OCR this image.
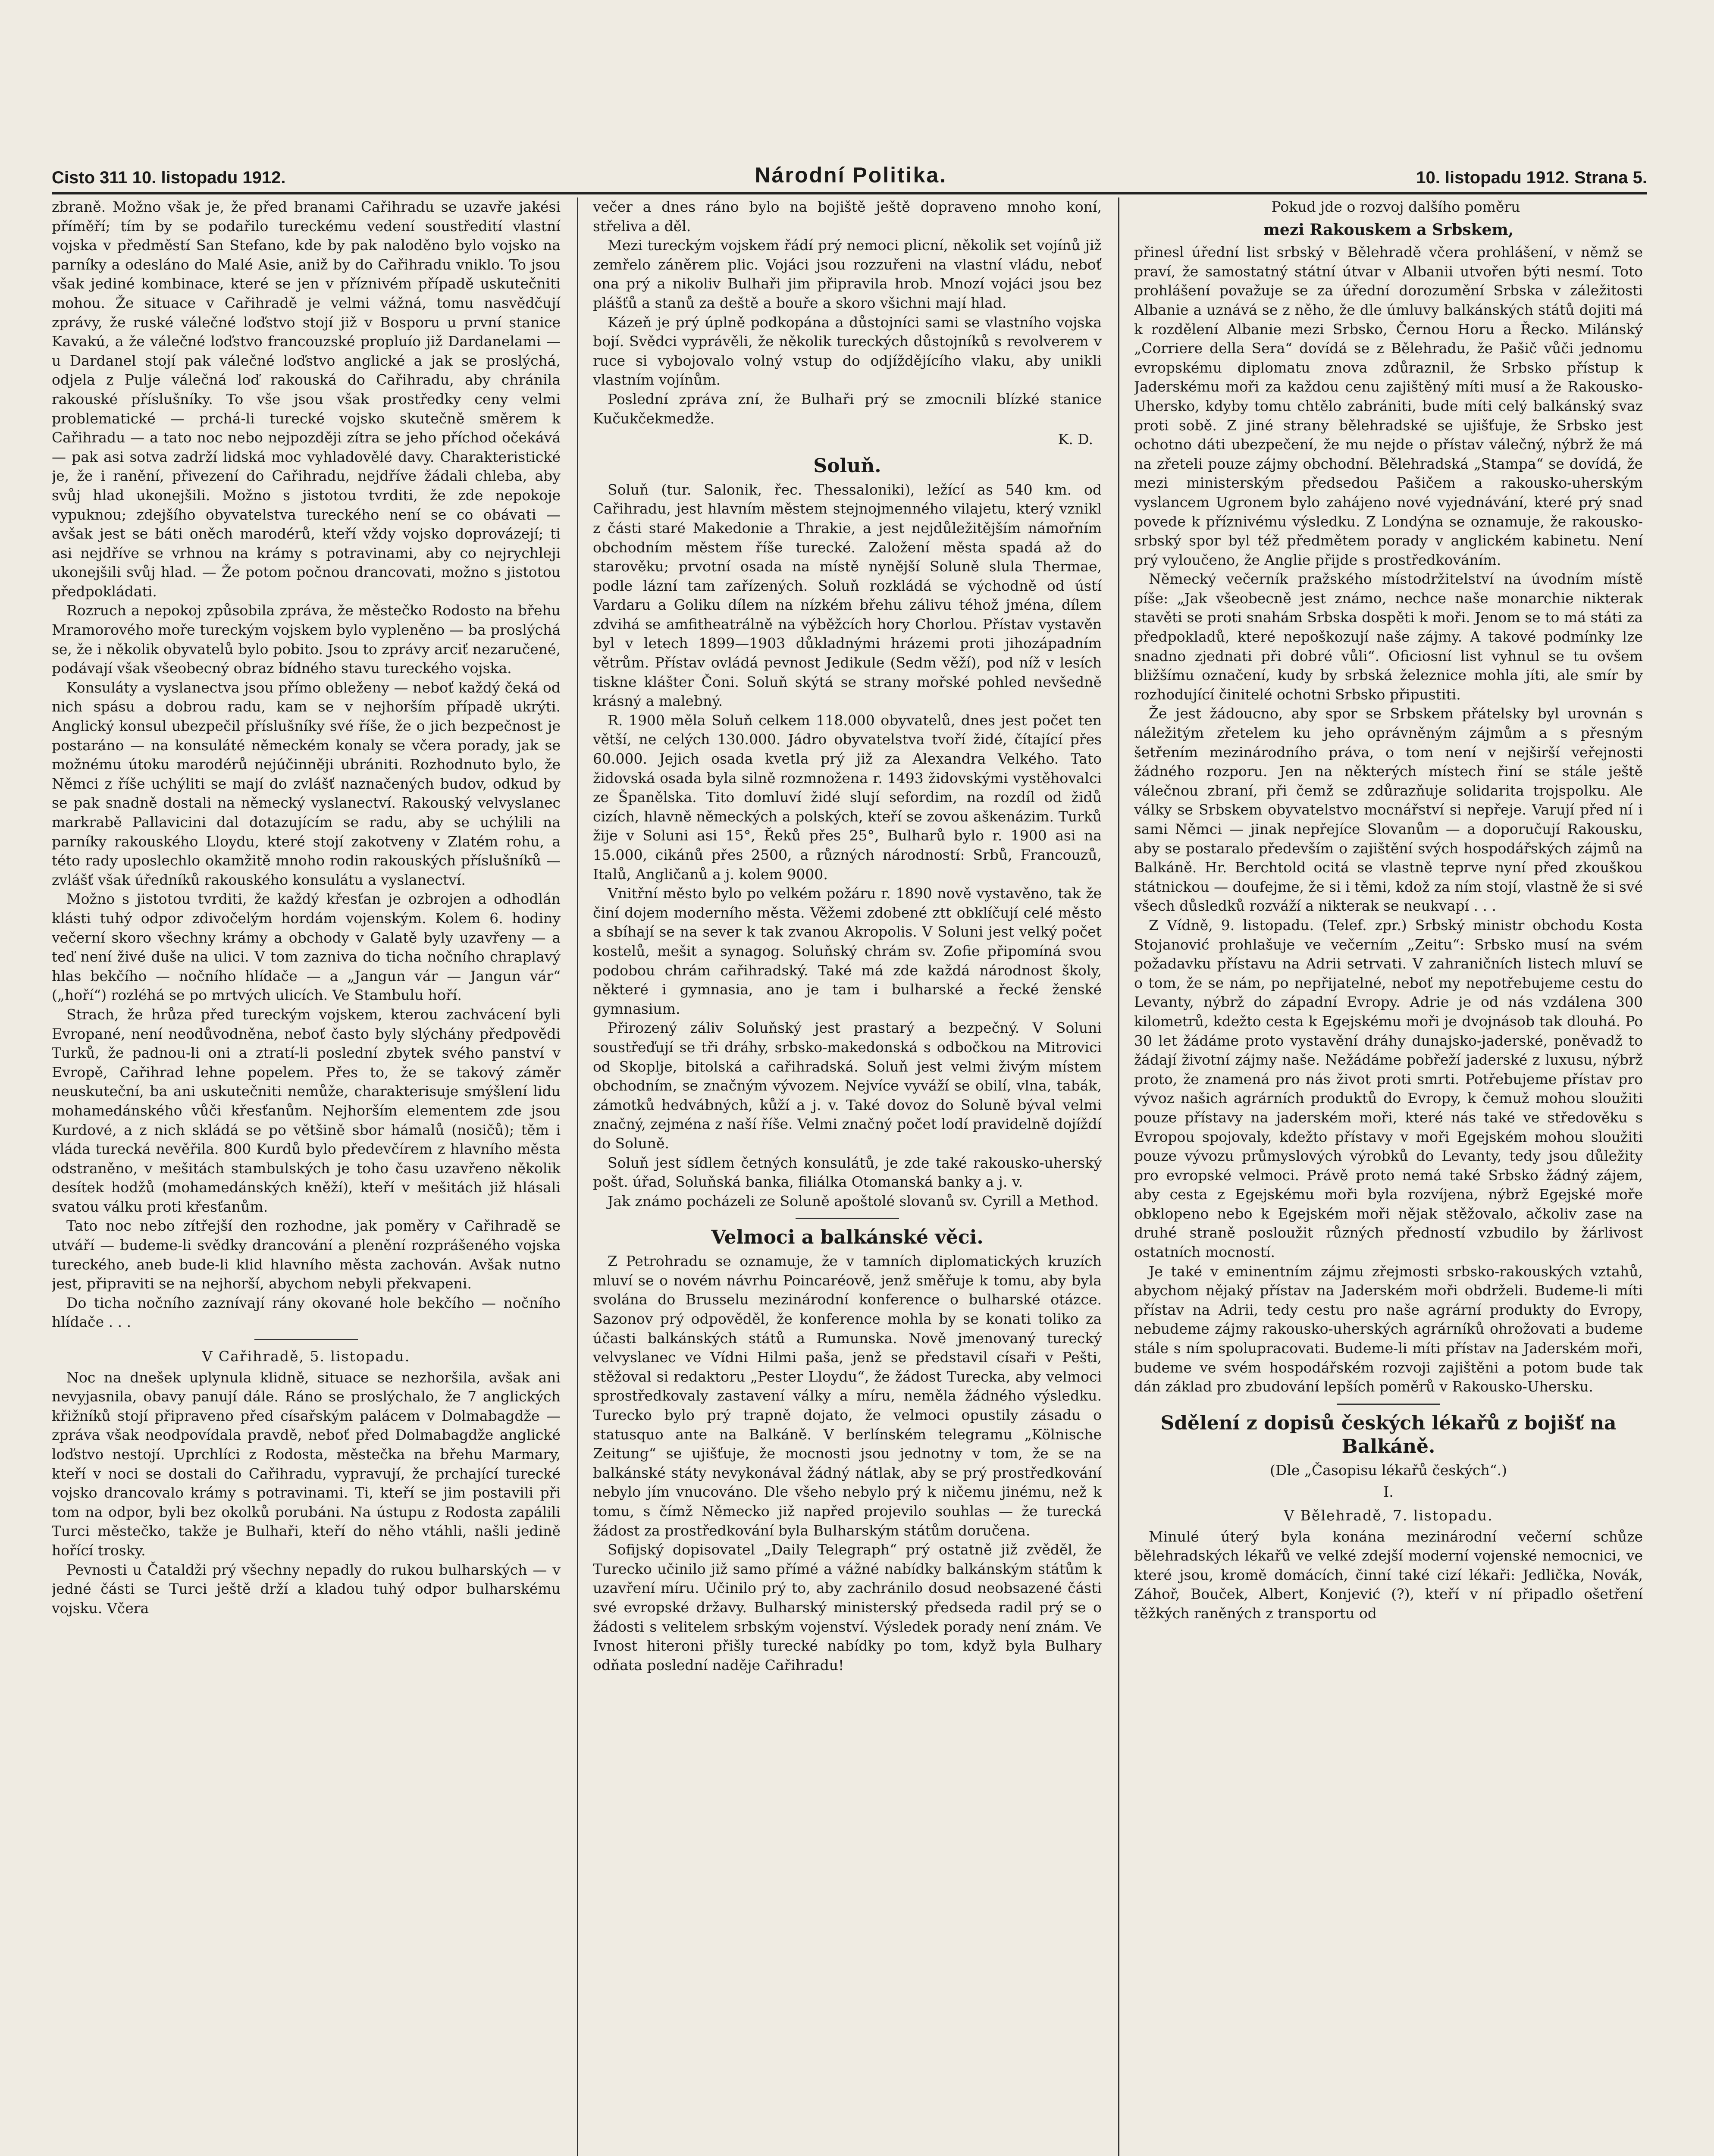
Cisto 311 10. listopadu 1912.	Národní Politika.	10. listopadu 1912. Strana 5.

zbraně. Možno však je, že před branami Cařihradu se uzavře jakési příměří; tím by se podařilo tureckému vedení soustředití vlastní vojska v předměstí San Stefano, kde by pak naloděno bylo vojsko na parníky a odesláno do Malé Asie, aniž by do Cařihradu vniklo. To jsou však jediné kombinace, které se jen v příznivém případě uskutečniti mohou. Že situace v Cařihradě je velmi vážná, tomu nasvědčují zprávy, že ruské válečné loďstvo stojí již v Bosporu u první stanice Kavakú, a že válečné loďstvo francouzské propluío již Dardanelami — u Dardanel stojí pak válečné loďstvo anglické a jak se proslýchá, odjela z Pulje válečná loď rakouská do Cařihradu, aby chránila rakouské příslušníky. To vše jsou však prostředky ceny velmi problematické — prchá-li turecké vojsko skutečně směrem k Cařihradu — a tato noc nebo nejpozději zítra se jeho příchod očekává — pak asi sotva zadrží lidská moc vyhladovělé davy. Charakteristické je, že i ranění, přivezení do Cařihradu, nejdříve žádali chleba, aby svůj hlad ukonejšili. Možno s jistotou tvrditi, že zde nepokoje vypuknou; zdejšího obyvatelstva tureckého není se co obávati — avšak jest se báti oněch marodérů, kteří vždy vojsko doprovázejí; ti asi nejdříve se vrhnou na krámy s potravinami, aby co nejrychleji ukonejšili svůj hlad. — Že potom počnou drancovati, možno s jistotou předpokládati.

Rozruch a nepokoj způsobila zpráva, že městečko Rodosto na břehu Mramorového moře tureckým vojskem bylo vypleněno — ba proslýchá se, že i několik obyvatelů bylo pobito. Jsou to zprávy arciť nezaručené, podávají však všeobecný obraz bídného stavu tureckého vojska.

Konsuláty a vyslanectva jsou přímo obleženy — neboť každý čeká od nich spásu a dobrou radu, kam se v nejhorším případě ukrýti. Anglický konsul ubezpečil příslušníky své říše, že o jich bezpečnost je postaráno — na konsuláté německém konaly se včera porady, jak se možnému útoku marodérů nejúčinněji ubrániti. Rozhodnuto bylo, že Němci z říše uchýliti se mají do zvlášť naznačených budov, odkud by se pak snadně dostali na německý vyslanectví. Rakouský velvyslanec markrabě Pallavicini dal dotazujícím se radu, aby se uchýlili na parníky rakouského Lloydu, které stojí zakotveny v Zlatém rohu, a této rady uposlechlo okamžitě mnoho rodin rakouských příslušníků — zvlášť však úředníků rakouského konsulátu a vyslanectví.

Možno s jistotou tvrditi, že každý křesťan je ozbrojen a odhodlán klásti tuhý odpor zdivočelým hordám vojenským. Kolem 6. hodiny večerní skoro všechny krámy a obchody v Galatě byly uzavřeny — a teď není živé duše na ulici. V tom zazniva do ticha nočního chraplavý hlas bekčího — nočního hlídače — a „Jangun vár — Jangun vár“ („hoří“) rozléhá se po mrtvých ulicích. Ve Stambulu hoří.

Strach, že hrůza před tureckým vojskem, kterou zachvácení byli Evropané, není neodůvodněna, neboť často byly slýchány předpovědi Turků, že padnou-li oni a ztratí-li poslední zbytek svého panství v Evropě, Cařihrad lehne popelem. Přes to, že se takový záměr neuskuteční, ba ani uskutečniti nemůže, charakterisuje smýšlení lidu mohamedánského vůči křesťanům. Nejhorším elementem zde jsou Kurdové, a z nich skládá se po většině sbor hámalů (nosičů); těm i vláda turecká nevěřila. 800 Kurdů bylo předevčírem z hlavního města odstraněno, v mešitách stambulských je toho času uzavřeno několik desítek hodžů (mohamedánských kněží), kteří v mešitách již hlásali svatou válku proti křesťanům.

Tato noc nebo zítřejší den rozhodne, jak poměry v Cařihradě se utváří — budeme-li svědky drancování a plenění rozprášeného vojska tureckého, aneb bude-li klid hlavního města zachován. Avšak nutno jest, připraviti se na nejhorší, abychom nebyli překvapeni.

Do ticha nočního zaznívají rány okované hole bekčího — nočního hlídače . . .

V Cařihradě, 5. listopadu.

Noc na dnešek uplynula klidně, situace se nezhoršila, avšak ani nevyjasnila, obavy panují dále. Ráno se proslýchalo, že 7 anglických křižníků stojí připraveno před císařským palácem v Dolmabagdže — zpráva však neodpovídala pravdě, neboť před Dolmabagdže anglické loďstvo nestojí. Uprchlíci z Rodosta, městečka na břehu Marmary, kteří v noci se dostali do Cařihradu, vypravují, že prchající turecké vojsko drancovalo krámy s potravinami. Ti, kteří se jim postavili při tom na odpor, byli bez okolků porubáni. Na ústupu z Rodosta zapálili Turci městečko, takže je Bulhaři, kteří do něho vtáhli, našli jedině hořící trosky.

Pevnosti u Čataldži prý všechny nepadly do rukou bulharských — v jedné části se Turci ještě drží a kladou tuhý odpor bulharskému vojsku. Včera

večer a dnes ráno bylo na bojiště ještě dopraveno mnoho koní, střeliva a děl.

Mezi tureckým vojskem řádí prý nemoci plicní, několik set vojínů již zemřelo záněrem plic. Vojáci jsou rozzuřeni na vlastní vládu, neboť ona prý a nikoliv Bulhaři jim připravila hrob. Mnozí vojáci jsou bez plášťů a stanů za deště a bouře a skoro všichni mají hlad.

Kázeň je prý úplně podkopána a důstojníci sami se vlastního vojska bojí. Svědci vyprávěli, že několik tureckých důstojníků s revolverem v ruce si vybojovalo volný vstup do odjíždějícího vlaku, aby unikli vlastním vojínům.

Poslední zpráva zní, že Bulhaři prý se zmocnili blízké stanice Kučukčekmedže.

K. D.
Soluň.

Soluň (tur. Salonik, řec. Thessaloniki), ležící as 540 km. od Cařihradu, jest hlavním městem stejnojmenného vilajetu, který vznikl z části staré Makedonie a Thrakie, a jest nejdůležitějším námořním obchodním městem říše turecké. Založení města spadá až do starověku; prvotní osada na místě nynější Soluně slula Thermae, podle lázní tam zařízených. Soluň rozkládá se východně od ústí Vardaru a Goliku dílem na nízkém břehu zálivu téhož jména, dílem zdvihá se amfitheatrálně na výběžcích hory Chorlou. Přístav vystavěn byl v letech 1899—1903 důkladnými hrázemi proti jihozápadním větrům. Přístav ovládá pevnost Jedikule (Sedm věží), pod níž v lesích tiskne klášter Čoni. Soluň skýtá se strany mořské pohled nevšedně krásný a malebný.

R. 1900 měla Soluň celkem 118.000 obyvatelů, dnes jest počet ten větší, ne celých 130.000. Jádro obyvatelstva tvoří židé, čítající přes 60.000. Jejich osada kvetla prý již za Alexandra Velkého. Tato židovská osada byla silně rozmnožena r. 1493 židovskými vystěhovalci ze Španělska. Tito domluví židé slují sefordim, na rozdíl od židů cizích, hlavně německých a polských, kteří se zovou aškenázim. Turků žije v Soluni asi 15°, Řeků přes 25°, Bulharů bylo r. 1900 asi na 15.000, cikánů přes 2500, a různých národností: Srbů, Francouzů, Italů, Angličanů a j. kolem 9000.

Vnitřní město bylo po velkém požáru r. 1890 nově vystavěno, tak že činí dojem moderního města. Věžemi zdobené ztt obklíčují celé město a sbíhají se na sever k tak zvanou Akropolis. V Soluni jest velký počet kostelů, mešit a synagog. Soluňský chrám sv. Zofie připomíná svou podobou chrám cařihradský. Také má zde každá národnost školy, některé i gymnasia, ano je tam i bulharské a řecké ženské gymnasium.

Přirozený záliv Soluňský jest prastarý a bezpečný. V Soluni soustřeďují se tři dráhy, srbsko-makedonská s odbočkou na Mitrovici od Skoplje, bitolská a cařihradská. Soluň jest velmi živým místem obchodním, se značným vývozem. Nejvíce vyváží se obilí, vlna, tabák, zámotků hedvábných, kůží a j. v. Také dovoz do Soluně býval velmi značný, zejména z naší říše. Velmi značný počet lodí pravidelně dojíždí do Soluně.

Soluň jest sídlem četných konsulátů, je zde také rakousko-uherský pošt. úřad, Soluňská banka, filiálka Otomanská banky a j. v.

Jak známo pocházeli ze Soluně apoštolé slovanů sv. Cyrill a Method.

Velmoci a balkánské věci.

Z Petrohradu se oznamuje, že v tamních diplomatických kruzích mluví se o novém návrhu Poincaréově, jenž směřuje k tomu, aby byla svolána do Brusselu mezinárodní konference o bulharské otázce. Sazonov prý odpověděl, že konference mohla by se konati toliko za účasti balkánských států a Rumunska. Nově jmenovaný turecký velvyslanec ve Vídni Hilmi paša, jenž se představil císaři v Pešti, stěžoval si redaktoru „Pester Lloydu“, že žádost Turecka, aby velmoci sprostředkovaly zastavení války a míru, neměla žádného výsledku. Turecko bylo prý trapně dojato, že velmoci opustily zásadu o statusquo ante na Balkáně. V berlínském telegramu „Kölnische Zeitung“ se ujišťuje, že mocnosti jsou jednotny v tom, že se na balkánské státy nevykonával žádný nátlak, aby se prý prostředkování nebylo jím vnucováno. Dle všeho nebylo prý k ničemu jinému, než k tomu, s čímž Německo již napřed projevilo souhlas — že turecká žádost za prostředkování byla Bulharským státům doručena.

Sofijský dopisovatel „Daily Telegraph“ prý ostatně již zvěděl, že Turecko učinilo již samo přímé a vážné nabídky balkánským státům k uzavření míru. Učinilo prý to, aby zachránilo dosud neobsazené části své evropské državy. Bulharský ministerský předseda radil prý se o žádosti s velitelem srbským vojenství. Výsledek porady není znám. Ve Ivnost hiteroni přišly turecké nabídky po tom, když byla Bulhary odňata poslední naděje Cařihradu!

Pokud jde o rozvoj dalšího poměru

mezi Rakouskem a Srbskem,

přinesl úřední list srbský v Bělehradě včera prohlášení, v němž se praví, že samostatný státní útvar v Albanii utvořen býti nesmí. Toto prohlášení považuje se za úřední dorozumění Srbska v záležitosti Albanie a uznává se z něho, že dle úmluvy balkánských států dojiti má k rozdělení Albanie mezi Srbsko, Černou Horu a Řecko. Milánský „Corriere della Sera“ dovídá se z Bělehradu, že Pašič vůči jednomu evropskému diplomatu znova zdůraznil, že Srbsko přístup k Jaderskému moři za každou cenu zajištěný míti musí a že Rakousko-Uhersko, kdyby tomu chtělo zabrániti, bude míti celý balkánský svaz proti sobě. Z jiné strany bělehradské se ujišťuje, že Srbsko jest ochotno dáti ubezpečení, že mu nejde o přístav válečný, nýbrž že má na zřeteli pouze zájmy obchodní. Bělehradská „Stampa“ se dovídá, že mezi ministerským předsedou Pašičem a rakousko-uherským vyslancem Ugronem bylo zahájeno nové vyjednávání, které prý snad povede k příznivému výsledku. Z Londýna se oznamuje, že rakousko-srbský spor byl též předmětem porady v anglickém kabinetu. Není prý vyloučeno, že Anglie přijde s prostředkováním.

Německý večerník pražského místodržitelství na úvodním místě píše: „Jak všeobecně jest známo, nechce naše monarchie nikterak stavěti se proti snahám Srbska dospěti k moři. Jenom se to má státi za předpokladů, které nepoškozují naše zájmy. A takové podmínky lze snadno zjednati při dobré vůli“. Oficiosní list vyhnul se tu ovšem bližšímu označení, kudy by srbská železnice mohla jíti, ale smír by rozhodující činitelé ochotni Srbsko připustiti.

Že jest žádoucno, aby spor se Srbskem přátelsky byl urovnán s náležitým zřetelem ku jeho oprávněným zájmům a s přesným šetřením mezinárodního práva, o tom není v nejširší veřejnosti žádného rozporu. Jen na některých místech řiní se stále ještě válečnou zbraní, při čemž se zdůrazňuje solidarita trojspolku. Ale války se Srbskem obyvatelstvo mocnářství si nepřeje. Varují před ní i sami Němci — jinak nepřejíce Slovanům — a doporučují Rakousku, aby se postaralo především o zajištění svých hospodářských zájmů na Balkáně. Hr. Berchtold ocitá se vlastně teprve nyní před zkouškou státnickou — doufejme, že si i těmi, kdož za ním stojí, vlastně že si své všech důsledků rozváží a nikterak se neukvapí . . .

Z Vídně, 9. listopadu. (Telef. zpr.) Srbský ministr obchodu Kosta Stojanović prohlašuje ve večerním „Zeitu“: Srbsko musí na svém požadavku přístavu na Adrii setrvati. V zahraničních listech mluví se o tom, že se nám, po nepřijatelné, neboť my nepotřebujeme cestu do Levanty, nýbrž do západní Evropy. Adrie je od nás vzdálena 300 kilometrů, kdežto cesta k Egejskému moři je dvojnásob tak dlouhá. Po 30 let žádáme proto vystavění dráhy dunajsko-jaderské, poněvadž to žádají životní zájmy naše. Nežádáme pobřeží jaderské z luxusu, nýbrž proto, že znamená pro nás život proti smrti. Potřebujeme přístav pro vývoz našich agrárních produktů do Evropy, k čemuž mohou sloužiti pouze přístavy na jaderském moři, které nás také ve středověku s Evropou spojovaly, kdežto přístavy v moři Egejském mohou sloužiti pouze vývozu průmyslových výrobků do Levanty, tedy jsou důležity pro evropské velmoci. Právě proto nemá také Srbsko žádný zájem, aby cesta z Egejskému moři byla rozvíjena, nýbrž Egejské moře obklopeno nebo k Egejském moři nějak stěžovalo, ačkoliv zase na druhé straně posloužit různých předností vzbudilo by žárlivost ostatních mocností.

Je také v eminentním zájmu zřejmosti srbsko-rakouských vztahů, abychom nějaký přístav na Jaderském moři obdrželi. Budeme-li míti přístav na Adrii, tedy cestu pro naše agrární produkty do Evropy, nebudeme zájmy rakousko-uherských agrárníků ohrožovati a budeme stále s ním spolupracovati. Budeme-li míti přístav na Jaderském moři, budeme ve svém hospodářském rozvoji zajištěni a potom bude tak dán základ pro zbudování lepších poměrů v Rakousko-Uhersku.

Sdělení z dopisů českých lékařů z bojišť na Balkáně.
(Dle „Časopisu lékařů českých“.)
I.
V Bělehradě, 7. listopadu.

Minulé úterý byla konána mezinárodní večerní schůze bělehradských lékařů ve velké zdejší moderní vojenské nemocnici, ve které jsou, kromě domácích, činní také cizí lékaři: Jedlička, Novák, Záhoř, Bouček, Albert, Konjević (?), kteří v ní připadlo ošetření těžkých raněných z transportu od
